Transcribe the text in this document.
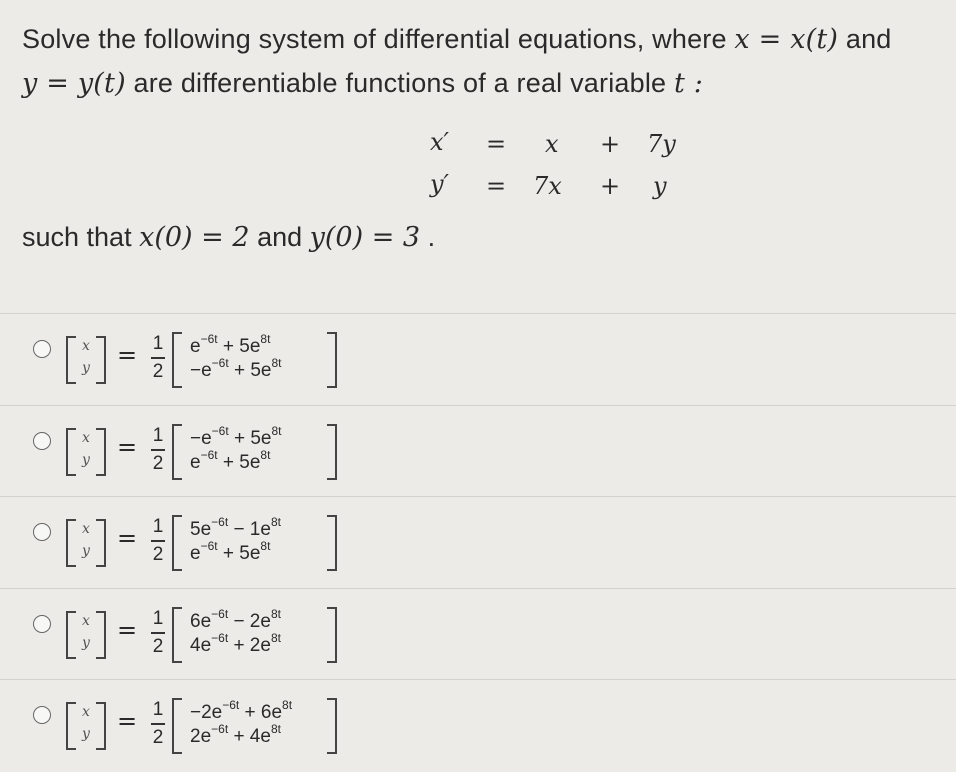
Solve the following system of differential equations, where x = x(t) and
y = y(t) are differentiable functions of a real variable t :
x′ = x + 7y
y′ = 7x + y
such that x(0) = 2 and y(0) = 3 .
x
y = 1
2
$e^{-6t} + 5e^{8t}$
$-e^{-6t} + 5e^{8t}$
x
y = 1
2
$-e^{-6t} + 5e^{8t}$
$e^{-6t} + 5e^{8t}$
x
y = 1
2
$5e^{-6t} - 1e^{8t}$
$e^{-6t} + 5e^{8t}$
x
y = 1
2
$6e^{-6t} - 2e^{8t}$
$4e^{-6t} + 2e^{8t}$
x
y = 1
2
$-2e^{-6t} + 6e^{8t}$
$2e^{-6t} + 4e^{8t}$
